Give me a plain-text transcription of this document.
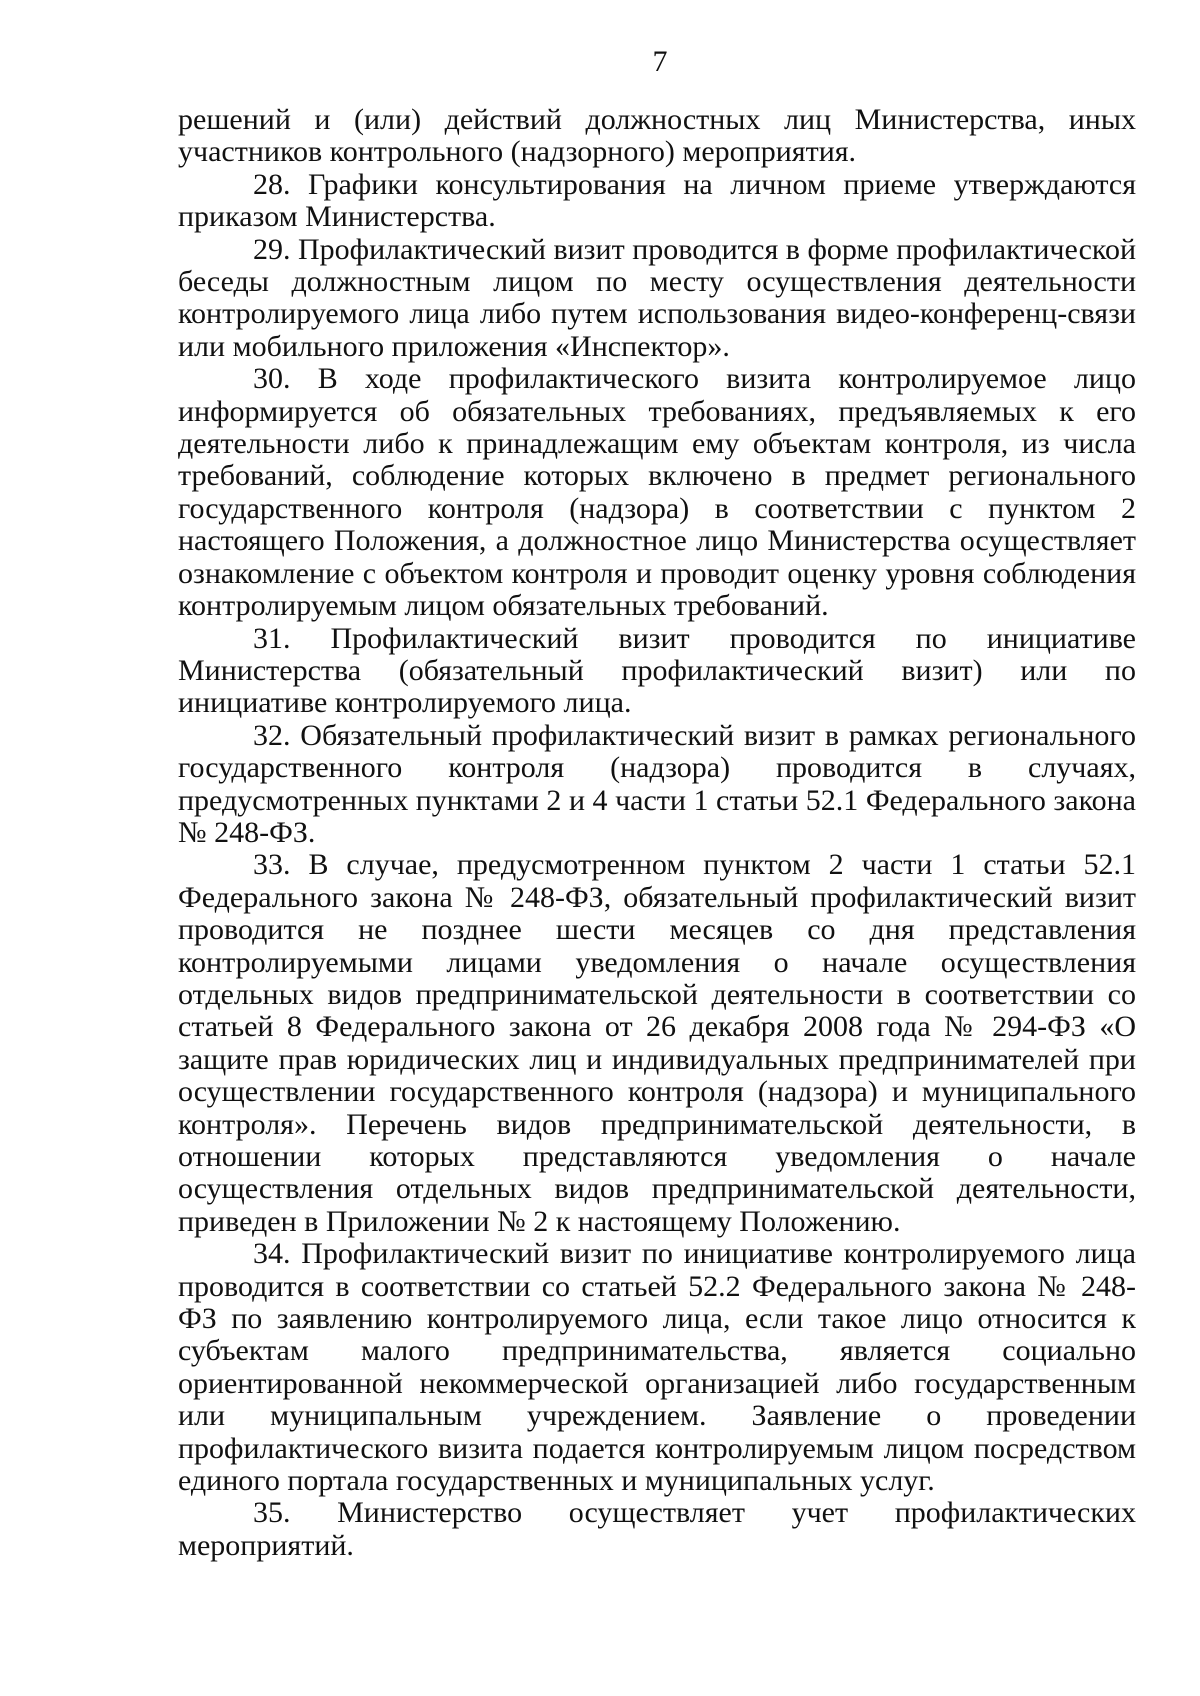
7

решений и (или) действий должностных лиц Министерства, иных участников контрольного (надзорного) мероприятия.

28. Графики консультирования на личном приеме утверждаются приказом Министерства.

29. Профилактический визит проводится в форме профилактической беседы должностным лицом по месту осуществления деятельности контролируемого лица либо путем использования видео-конференц-связи или мобильного приложения «Инспектор».

30. В ходе профилактического визита контролируемое лицо информируется об обязательных требованиях, предъявляемых к его деятельности либо к принадлежащим ему объектам контроля, из числа требований, соблюдение которых включено в предмет регионального государственного контроля (надзора) в соответствии с пунктом 2 настоящего Положения, а должностное лицо Министерства осуществляет ознакомление с объектом контроля и проводит оценку уровня соблюдения контролируемым лицом обязательных требований.

31. Профилактический визит проводится по инициативе Министерства (обязательный профилактический визит) или по инициативе контролируемого лица.

32. Обязательный профилактический визит в рамках регионального государственного контроля (надзора) проводится в случаях, предусмотренных пунктами 2 и 4 части 1 статьи 52.1 Федерального закона № 248-ФЗ.

33. В случае, предусмотренном пунктом 2 части 1 статьи 52.1 Федерального закона № 248-ФЗ, обязательный профилактический визит проводится не позднее шести месяцев со дня представления контролируемыми лицами уведомления о начале осуществления отдельных видов предпринимательской деятельности в соответствии со статьей 8 Федерального закона от 26 декабря 2008 года № 294-ФЗ «О защите прав юридических лиц и индивидуальных предпринимателей при осуществлении государственного контроля (надзора) и муниципального контроля». Перечень видов предпринимательской деятельности, в отношении которых представляются уведомления о начале осуществления отдельных видов предпринимательской деятельности, приведен в Приложении № 2 к настоящему Положению.

34. Профилактический визит по инициативе контролируемого лица проводится в соответствии со статьей 52.2 Федерального закона № 248-ФЗ по заявлению контролируемого лица, если такое лицо относится к субъектам малого предпринимательства, является социально ориентированной некоммерческой организацией либо государственным или муниципальным учреждением. Заявление о проведении профилактического визита подается контролируемым лицом посредством единого портала государственных и муниципальных услуг.

35. Министерство осуществляет учет профилактических мероприятий.
